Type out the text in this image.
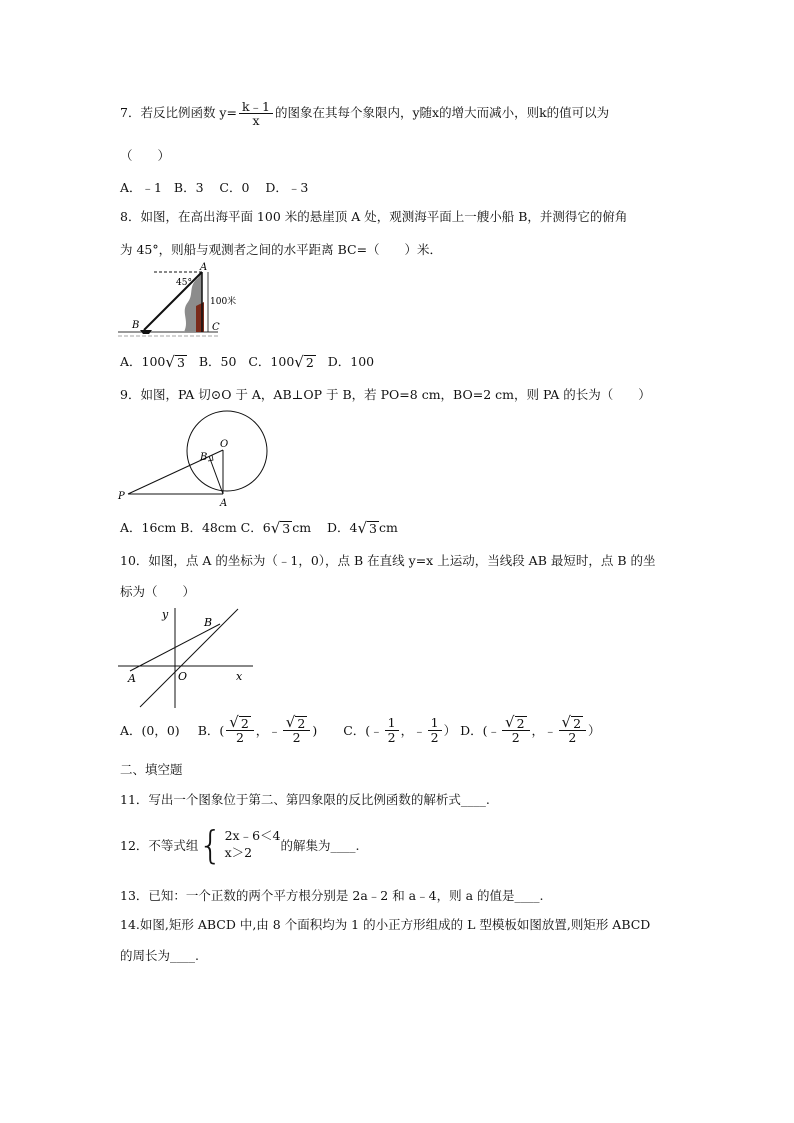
7．若反比例函数 $y= \frac{k﹣1}{x}$ 的图象在其每个象限内，y随x的增大而减小，则k的值可以为
（　　）
A．﹣1   B．3    C．0    D．﹣3
8．如图，在高出海平面 100 米的悬崖顶 A 处，观测海平面上一艘小船 B，并测得它的俯角
为 45°，则船与观测者之间的水平距离 BC=（　　）米．
A
B	C
45°
100米
A．100 √ 3 B．50 C．100 √ 2 D．100
9．如图，PA 切⊙O 于 A，AB⊥OP 于 B，若 PO=8 cm，BO=2 cm，则 PA 的长为（　　）
O
B
A
P
A．16cm B．48cm C．6 √ 3 cm D．4 √ 3 cm
10．如图，点 A 的坐标为（﹣1，0），点 B 在直线 y=x 上运动，当线段 AB 最短时，点 B 的坐
标为（　　）
y
x
O
A
B
A．(0，0) B．( $\frac{√ 2}{2}$ ，﹣ $\frac{√ 2}{2}$ ) C．(﹣ $\frac{1}{2}$ ，﹣ $\frac{1}{2}$ ） D．(﹣ $\frac{√ 2}{2}$ ，﹣ $\frac{√ 2}{2}$ ）
二、填空题
11．写出一个图象位于第二、第四象限的反比例函数的解析式____.
12．不等式组 { 2x﹣6＜4
x＞2	的解集为____.
13．已知：一个正数的两个平方根分别是 2a﹣2 和 a﹣4，则 a 的值是____.
14.如图,矩形 ABCD 中,由 8 个面积均为 1 的小正方形组成的 L 型模板如图放置,则矩形 ABCD
的周长为____.
